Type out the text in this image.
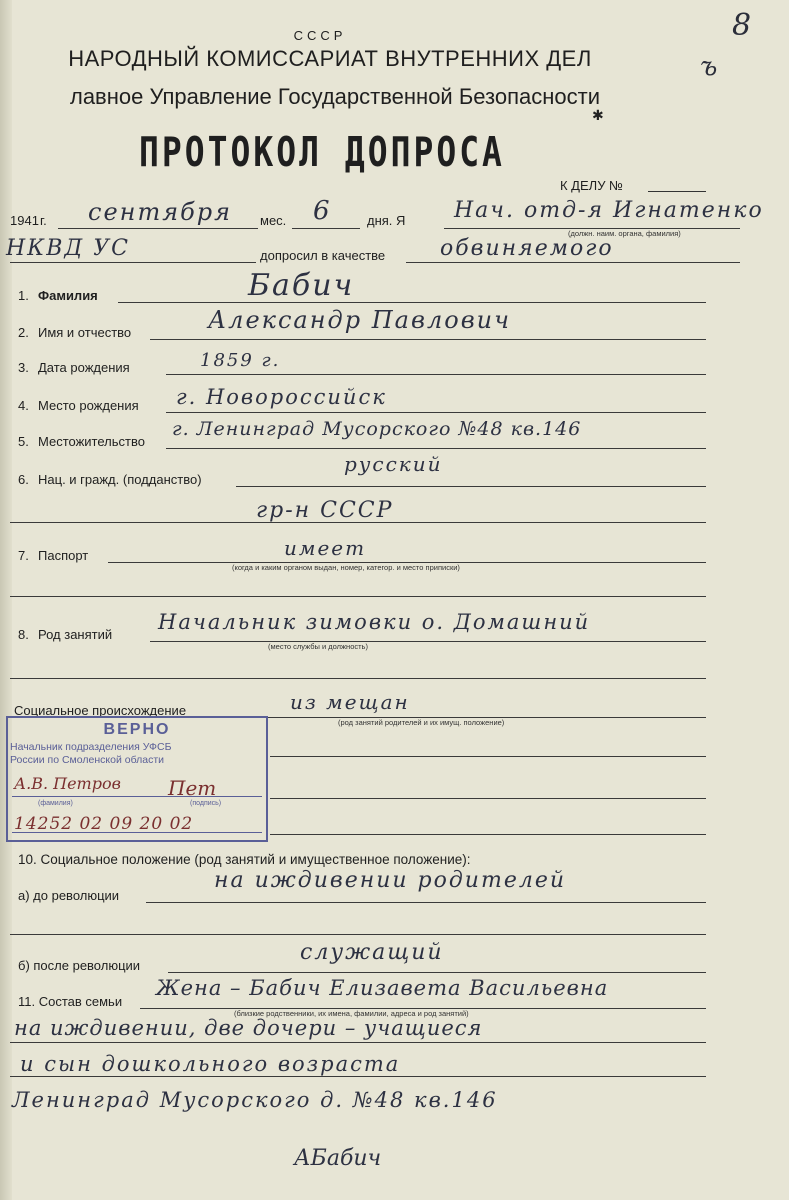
СССР
НАРОДНЫЙ КОМИССАРИАТ ВНУТРЕННИХ ДЕЛ
лавное Управление Государственной Безопасности
ПРОТОКОЛ ДОПРОСА
8
ъ
✱
К ДЕЛУ №
1941 г. сентября мес. 6	дня. Я Нач. отд-я Игнатенко
(должн. наим. органа, фамилия)
НКВД УС	допросил в качестве обвиняемого
1. Фамилия	Бабич
2. Имя и отчество	Александр Павлович
3. Дата рождения	1859 г.
4. Место рождения г. Новороссийск
5. Местожительство
г. Ленинград Мусорского №48 кв.146
6. Нац. и гражд. (подданство)
русский
гр-н СССР
7. Паспорт	имеет
(когда и каким органом выдан, номер, категор. и место приписки)
8. Род занятий
Начальник зимовки о. Домашний
(место службы и должность)
Социальное происхождение	из мещан
(род занятий родителей и их имущ. положение)
ВЕРНО
Начальник подразделения УФСБ
России по Смоленской области
А.В. Петров Пет
(фамилия)	(подпись)
14252 02 09 20 02
10. Социальное положение (род занятий и имущественное положение):
а) до революции
на иждивении родителей
б) после революции
служащий
11. Состав семьи
Жена – Бабич Елизавета Васильевна
(близкие родственники, их имена, фамилии, адреса и род занятий)
на иждивении, две дочери – учащиеся
и сын дошкольного возраста
Ленинград Мусорского д. №48 кв.146
АБабич
